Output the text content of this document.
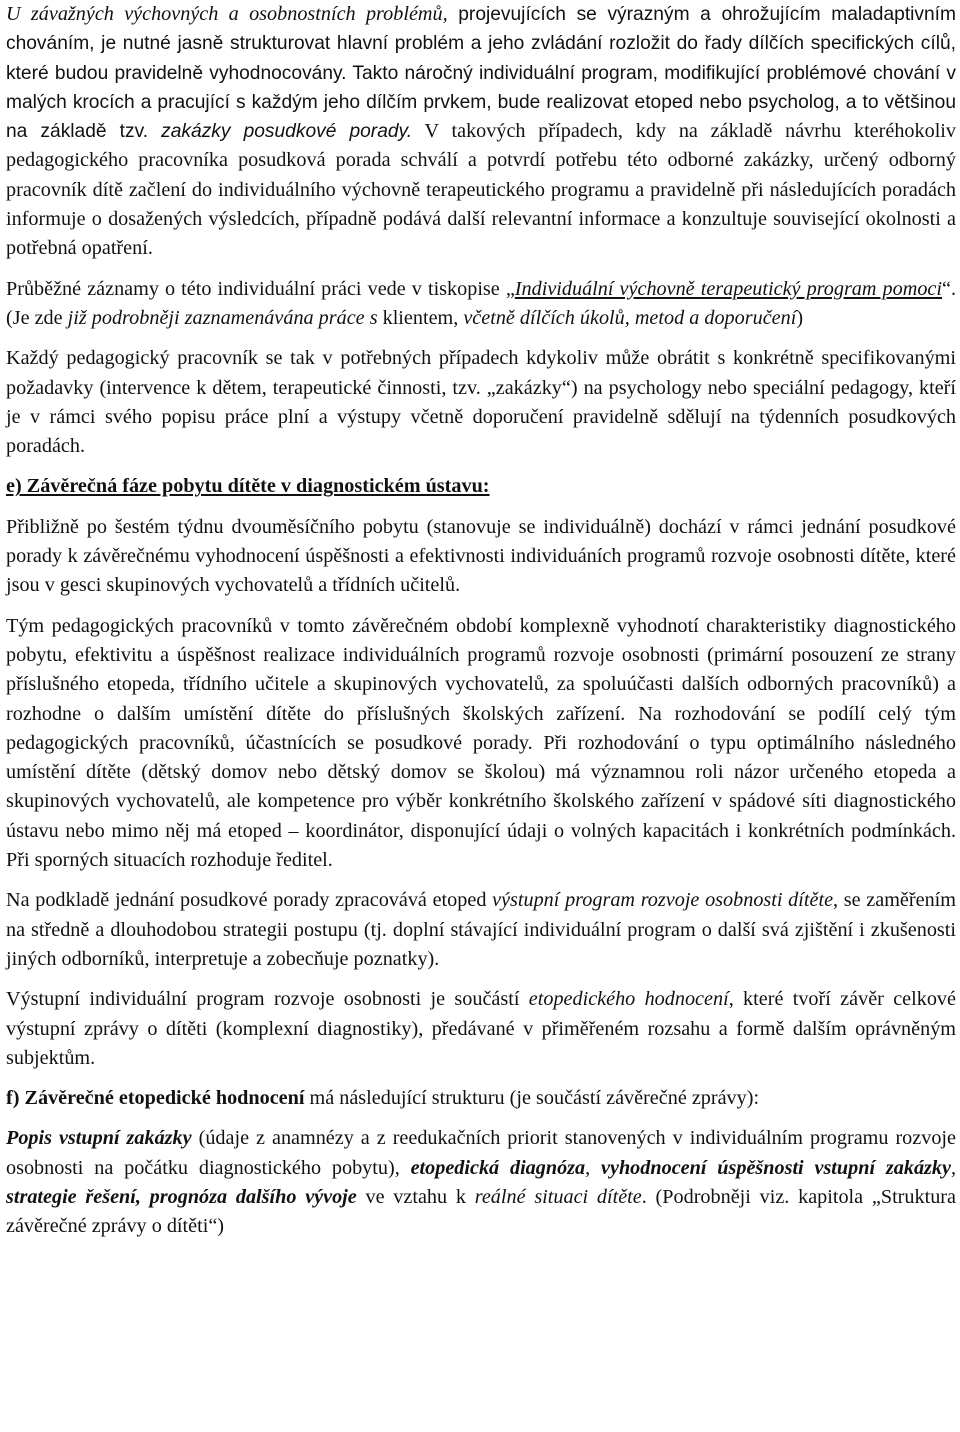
U závažných výchovných a osobnostních problémů, projevujících se výrazným a ohrožujícím maladaptivním chováním, je nutné jasně strukturovat hlavní problém a jeho zvládání rozložit do řady dílčích specifických cílů, které budou pravidelně vyhodnocovány. Takto náročný individuální program, modifikující problémové chování v malých krocích a pracující s každým jeho dílčím prvkem, bude realizovat etoped nebo psycholog, a to většinou na základě tzv. zakázky posudkové porady. V takových případech, kdy na základě návrhu kteréhokoliv pedagogického pracovníka posudková porada schválí a potvrdí potřebu této odborné zakázky, určený odborný pracovník dítě začlení do individuálního výchovně terapeutického programu a pravidelně při následujících poradách informuje o dosažených výsledcích, případně podává další relevantní informace a konzultuje související okolnosti a potřebná opatření.

Průběžné záznamy o této individuální práci vede v tiskopise „Individuální výchovně terapeutický program pomoci“. (Je zde již podrobněji zaznamenávána práce s klientem, včetně dílčích úkolů, metod a doporučení)

Každý pedagogický pracovník se tak v potřebných případech kdykoliv může obrátit s konkrétně specifikovanými požadavky (intervence k dětem, terapeutické činnosti, tzv. „zakázky“) na psychology nebo speciální pedagogy, kteří je v rámci svého popisu práce plní a výstupy včetně doporučení pravidelně sdělují na týdenních posudkových poradách.

e) Závěrečná fáze pobytu dítěte v diagnostickém ústavu:

Přibližně po šestém týdnu dvouměsíčního pobytu (stanovuje se individuálně) dochází v rámci jednání posudkové porady k závěrečnému vyhodnocení úspěšnosti a efektivnosti individuáních programů rozvoje osobnosti dítěte, které jsou v gesci skupinových vychovatelů a třídních učitelů.

Tým pedagogických pracovníků v tomto závěrečném období komplexně vyhodnotí charakteristiky diagnostického pobytu, efektivitu a úspěšnost realizace individuálních programů rozvoje osobnosti (primární posouzení ze strany příslušného etopeda, třídního učitele a skupinových vychovatelů, za spoluúčasti dalších odborných pracovníků) a rozhodne o dalším umístění dítěte do příslušných školských zařízení. Na rozhodování se podílí celý tým pedagogických pracovníků, účastnících se posudkové porady. Při rozhodování o typu optimálního následného umístění dítěte (dětský domov nebo dětský domov se školou) má významnou roli názor určeného etopeda a skupinových vychovatelů, ale kompetence pro výběr konkrétního školského zařízení v spádové síti diagnostického ústavu nebo mimo něj má etoped – koordinátor, disponující údaji o volných kapacitách i konkrétních podmínkách. Při sporných situacích rozhoduje ředitel.

Na podkladě jednání posudkové porady zpracovává etoped výstupní program rozvoje osobnosti dítěte, se zaměřením na středně a dlouhodobou strategii postupu (tj. doplní stávající individuální program o další svá zjištění i zkušenosti jiných odborníků, interpretuje a zobecňuje poznatky).

Výstupní individuální program rozvoje osobnosti je součástí etopedického hodnocení, které tvoří závěr celkové výstupní zprávy o dítěti (komplexní diagnostiky), předávané v přiměřeném rozsahu a formě dalším oprávněným subjektům.

f) Závěrečné etopedické hodnocení má následující strukturu (je součástí závěrečné zprávy):

Popis vstupní zakázky (údaje z anamnézy a z reedukačních priorit stanovených v individuálním programu rozvoje osobnosti na počátku diagnostického pobytu), etopedická diagnóza, vyhodnocení úspěšnosti vstupní zakázky, strategie řešení, prognóza dalšího vývoje ve vztahu k reálné situaci dítěte. (Podrobněji viz. kapitola „Struktura závěrečné zprávy o dítěti“)
